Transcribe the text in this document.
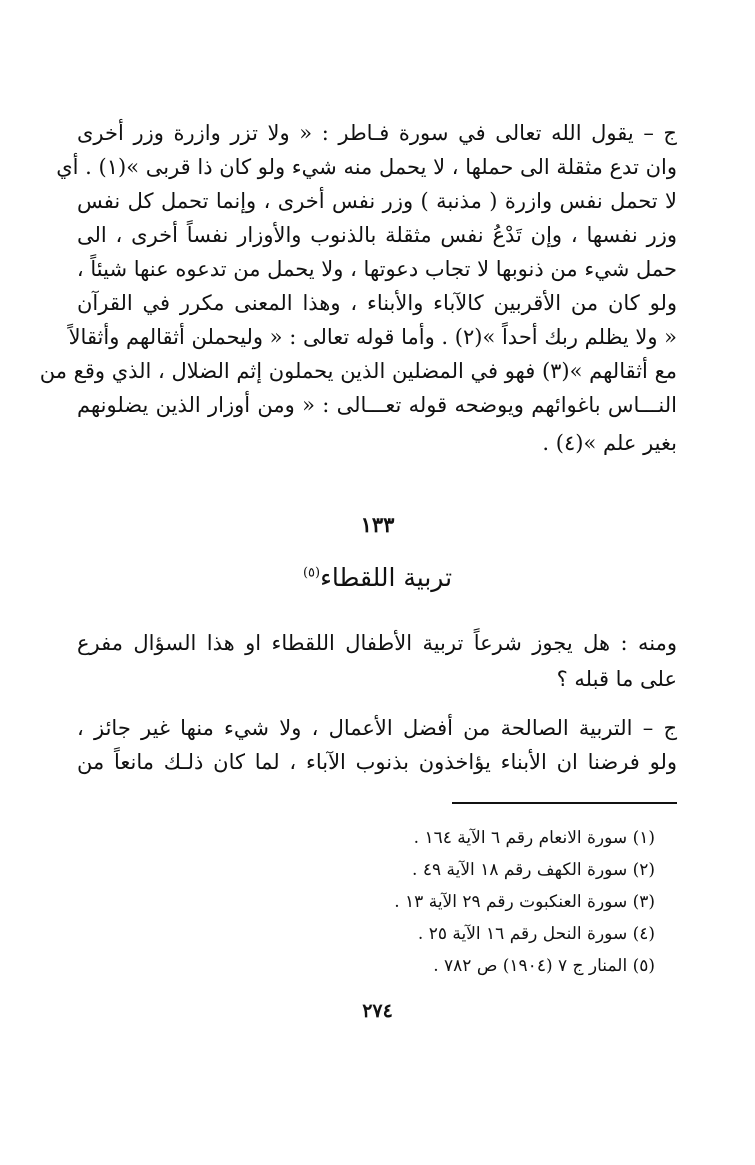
ج – يقول الله تعالى في سورة فـاطر : « ولا تزر وازرة وزر أخرى
وان تدع مثقلة الى حملها ، لا يحمل منه شيء ولو كان ذا قربى »(١) . أي
لا تحمل نفس وازرة ( مذنبة ) وزر نفس أخرى ، وإنما تحمل كل نفس
وزر نفسها ، وإن تَدْعُ نفس مثقلة بالذنوب والأوزار نفساً أخرى ، الى
حمل شيء من ذنوبها لا تجاب دعوتها ، ولا يحمل من تدعوه عنها شيئاً ،
ولو كان من الأقربين كالآباء والأبناء ، وهذا المعنى مكرر في القرآن
« ولا يظلم ربك أحداً »(٢) . وأما قوله تعالى : « وليحملن أثقالهم وأثقالاً
مع أثقالهم »(٣) فهو في المضلين الذين يحملون إثم الضلال ، الذي وقع من
النـــاس باغوائهم ويوضحه قوله تعـــالى : « ومن أوزار الذين يضلونهم
بغير علم »(٤) .
١٣٣
تربية اللقطاء$^{(٥)}$
ومنه : هل يجوز شرعاً تربية الأطفال اللقطاء او هذا السؤال مفرع
على ما قبله ؟
ج – التربية الصالحة من أفضل الأعمال ، ولا شيء منها غير جائز ،
ولو فرضنا ان الأبناء يؤاخذون بذنوب الآباء ، لما كان ذلـك مانعاً من
(١) سورة الانعام رقم ٦ الآية ١٦٤ .
(٢) سورة الكهف رقم ١٨ الآية ٤٩ .
(٣) سورة العنكبوت رقم ٢٩ الآية ١٣ .
(٤) سورة النحل رقم ١٦ الآية ٢٥ .
(٥) المنار ج ٧ (١٩٠٤) ص ٧٨٢ .
٢٧٤
